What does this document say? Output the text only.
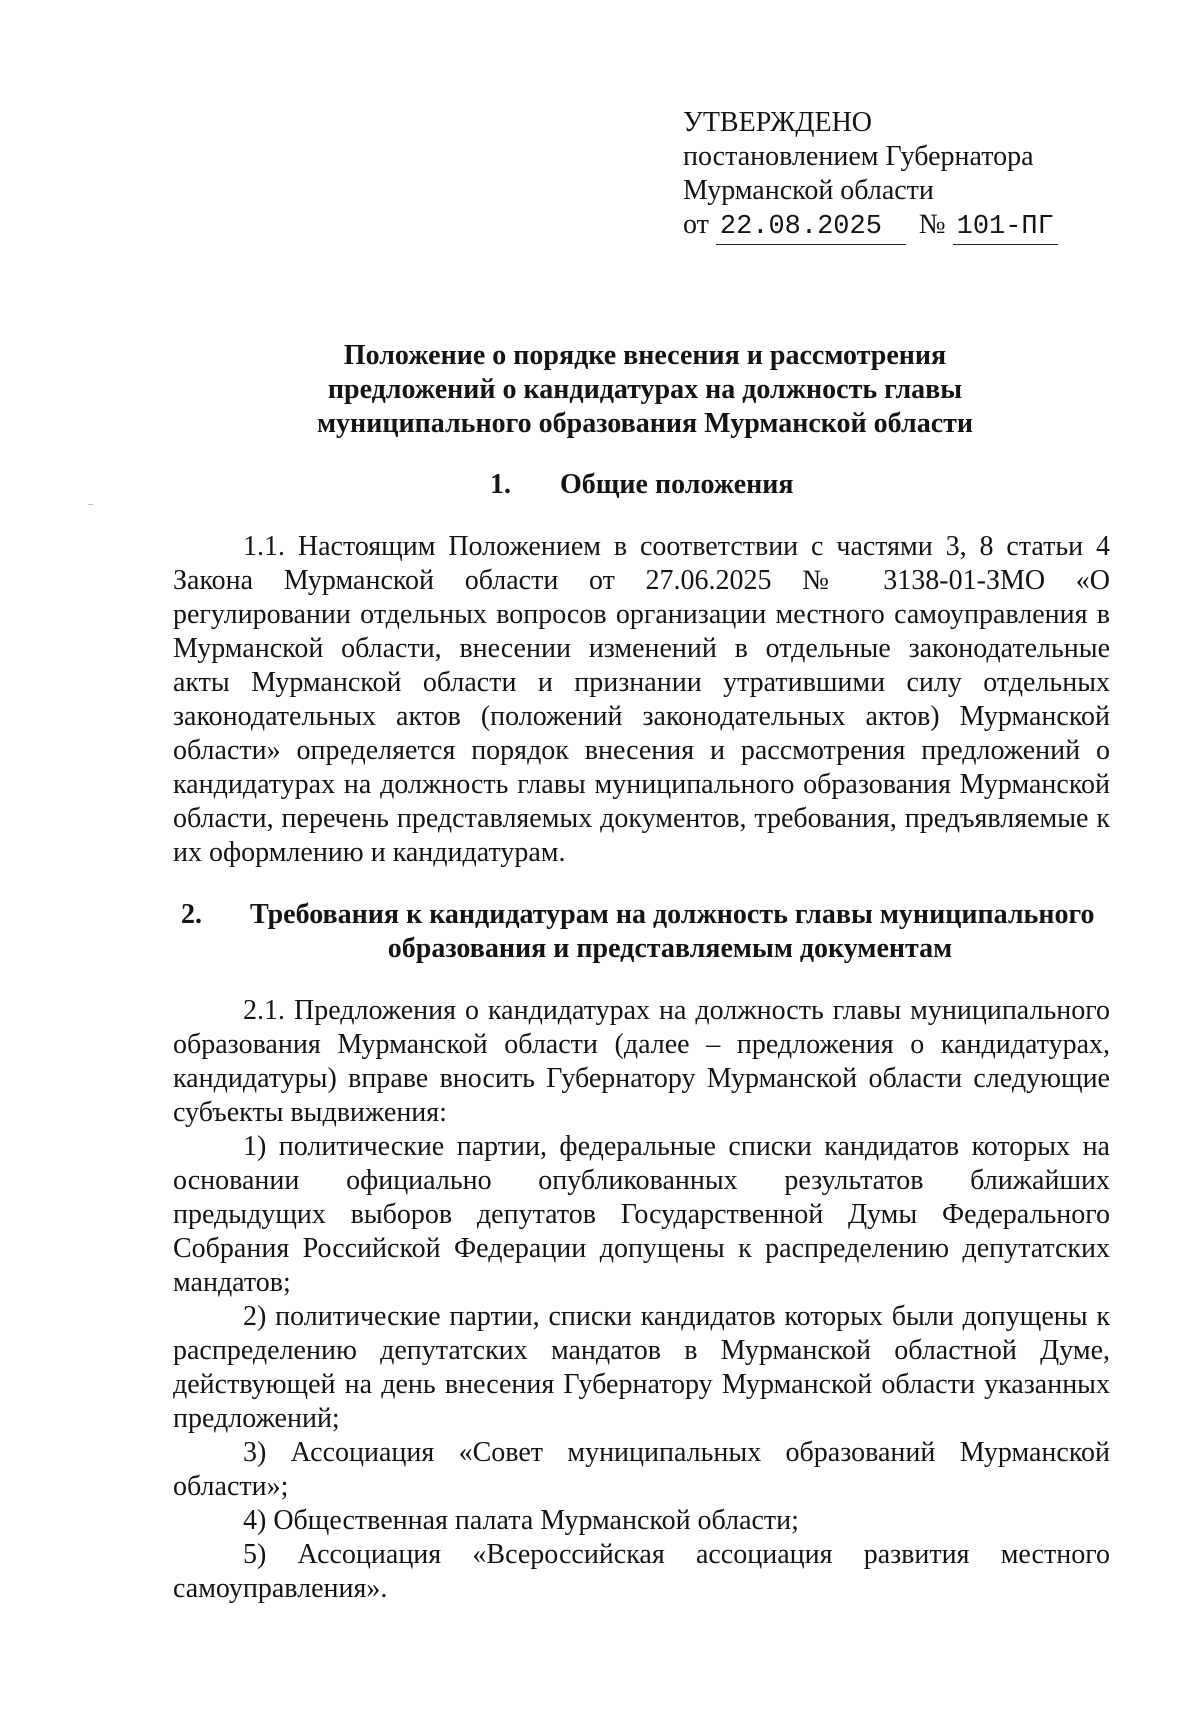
УТВЕРЖДЕНО
постановлением Губернатора
Мурманской области
от 22.08.2025 № 101-ПГ
Положение о порядке внесения и рассмотрения
предложений о кандидатурах на должность главы
муниципального образования Мурманской области
1. Общие положения
1.1. Настоящим Положением в соответствии с частями 3, 8 статьи 4
Закона Мурманской области от 27.06.2025 № 3138-01-ЗМО «О
регулировании отдельных вопросов организации местного самоуправления в
Мурманской области, внесении изменений в отдельные законодательные
акты Мурманской области и признании утратившими силу отдельных
законодательных актов (положений законодательных актов) Мурманской
области» определяется порядок внесения и рассмотрения предложений о
кандидатурах на должность главы муниципального образования Мурманской
области, перечень представляемых документов, требования, предъявляемые к
их оформлению и кандидатурам.
2. Требования к кандидатурам на должность главы муниципального
образования и представляемым документам
2.1. Предложения о кандидатурах на должность главы муниципального
образования Мурманской области (далее – предложения о кандидатурах,
кандидатуры) вправе вносить Губернатору Мурманской области следующие
субъекты выдвижения:
1) политические партии, федеральные списки кандидатов которых на
основании официально опубликованных результатов ближайших
предыдущих выборов депутатов Государственной Думы Федерального
Собрания Российской Федерации допущены к распределению депутатских
мандатов;
2) политические партии, списки кандидатов которых были допущены к
распределению депутатских мандатов в Мурманской областной Думе,
действующей на день внесения Губернатору Мурманской области указанных
предложений;
3) Ассоциация «Совет муниципальных образований Мурманской
области»;
4) Общественная палата Мурманской области;
5) Ассоциация «Всероссийская ассоциация развития местного
самоуправления».
